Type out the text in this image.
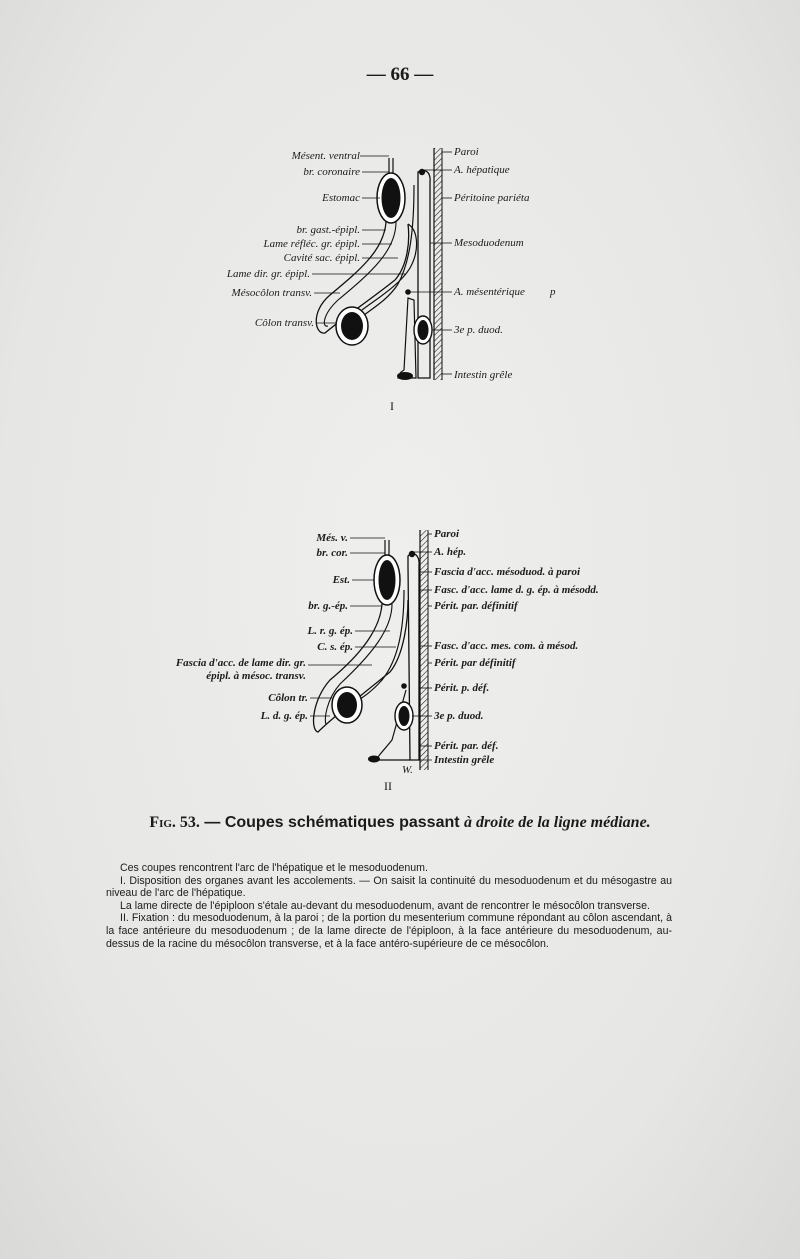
— 66 —
Mésent. ventral
br. coronaire
Estomac
br. gast.-épipl.
Lame réfléc. gr. épipl.
Cavité sac. épipl.
Lame dir. gr. épipl.
Mésocôlon transv.
Côlon transv.
Paroi
A. hépatique
Péritoine pariéta
Mesoduodenum
A. mésentérique p
3e p. duod.
Intestin grêle
I
Més. v.
br. cor.
Est.
br. g.-ép.
L. r. g. ép.
C. s. ép.
Fascia d'acc. de lame dir. gr.
épipl. à mésoc. transv.
Côlon tr.
L. d. g. ép.
Paroi
A. hép.
Fascia d'acc. mésoduod. à paroi
Fasc. d'acc. lame d. g. ép. à mésodd.
Périt. par. définitif
Fasc. d'acc. mes. com. à mésod.
Périt. par définitif
Périt. p. déf.
3e p. duod.
Périt. par. déf.
Intestin grêle
W.
II
Fig. 53. — Coupes schématiques passant à droite de la ligne médiane.

Ces coupes rencontrent l'arc de l'hépatique et le mesoduodenum.

I. Disposition des organes avant les accolements. — On saisit la continuité du mesoduodenum et du mésogastre au niveau de l'arc de l'hépatique.

La lame directe de l'épiploon s'étale au-devant du mesoduodenum, avant de rencontrer le mésocôlon transverse.

II. Fixation : du mesoduodenum, à la paroi ; de la portion du mesenterium commune répondant au côlon ascendant, à la face antérieure du mesoduodenum ; de la lame directe de l'épiploon, à la face antérieure du mesoduodenum, au-dessus de la racine du mésocôlon transverse, et à la face antéro-supérieure de ce mésocôlon.
